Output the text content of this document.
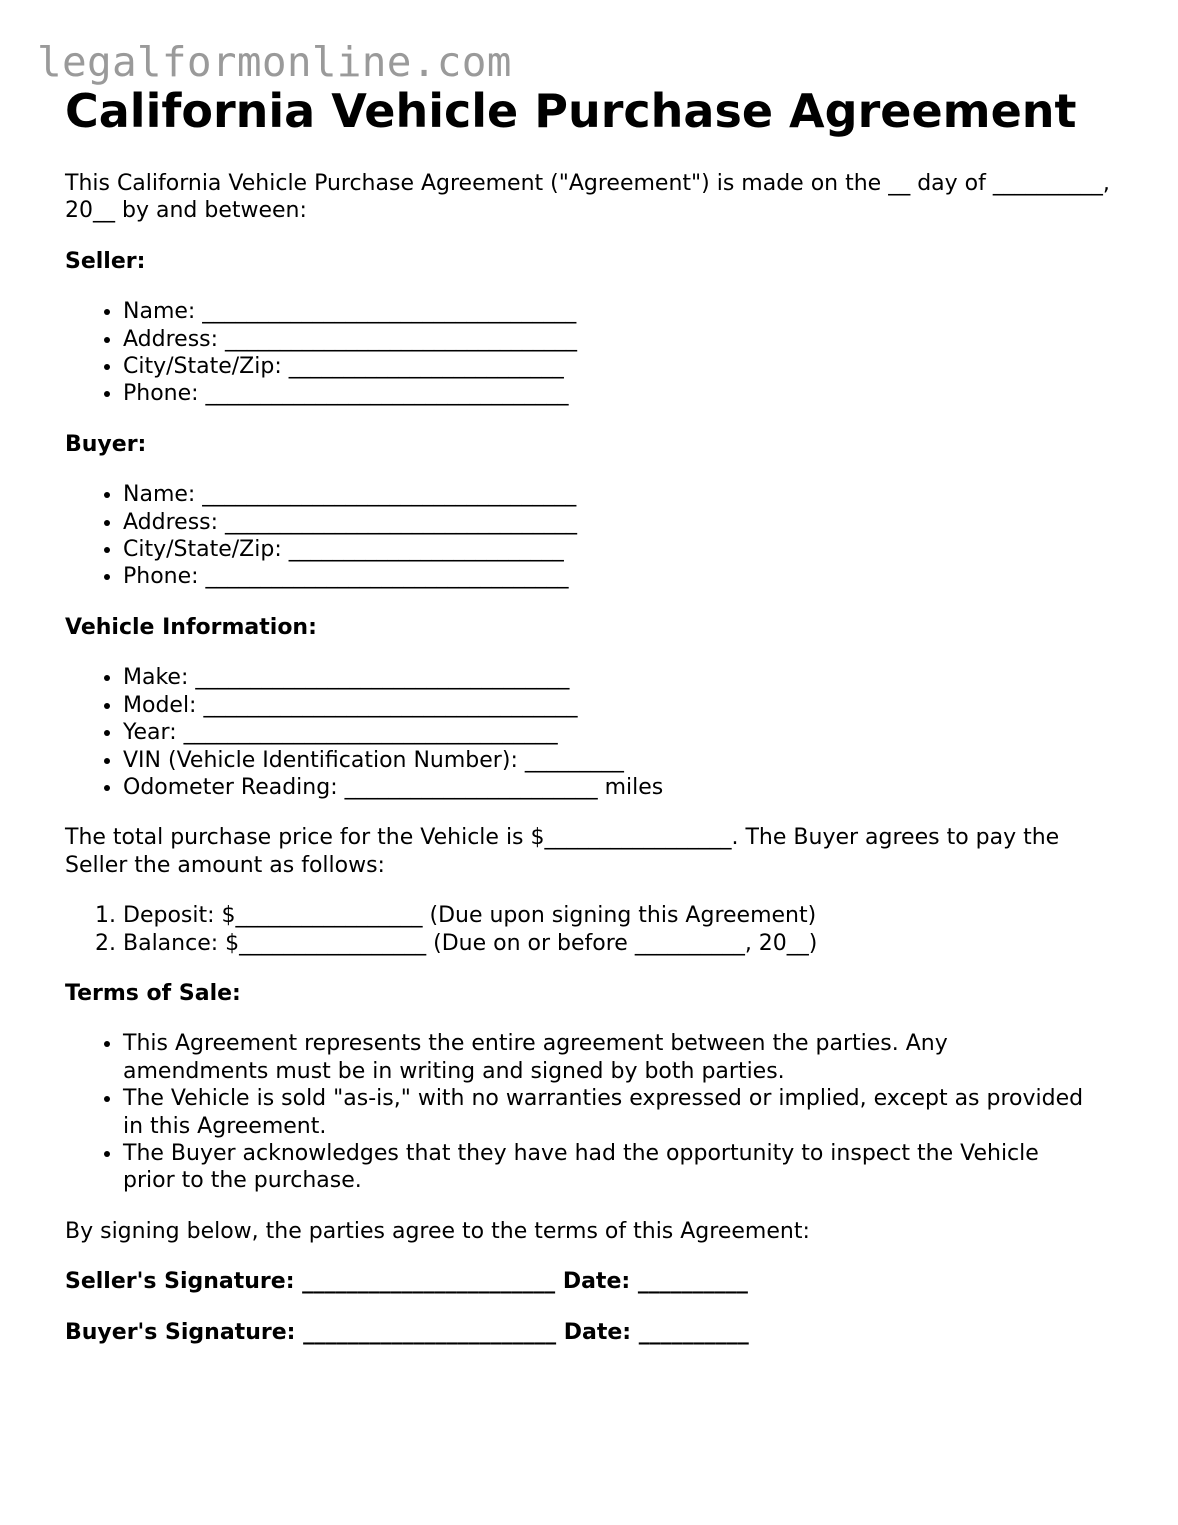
legalformonline.com
California Vehicle Purchase Agreement

This California Vehicle Purchase Agreement ("Agreement") is made on the __ day of __________, 20__ by and between:

Seller:
• Name: __________________________________
• Address: ________________________________
• City/State/Zip: _________________________
• Phone: _________________________________
Buyer:
• Name: __________________________________
• Address: ________________________________
• City/State/Zip: _________________________
• Phone: _________________________________
Vehicle Information:
• Make: __________________________________
• Model: __________________________________
• Year: __________________________________
• VIN (Vehicle Identification Number): _________
• Odometer Reading: _______________________ miles

The total purchase price for the Vehicle is $_________________. The Buyer agrees to pay the Seller the amount as follows:

1. Deposit: $_________________ (Due upon signing this Agreement)
2. Balance: $_________________ (Due on or before __________, 20__)
Terms of Sale:
• This Agreement represents the entire agreement between the parties. Any amendments must be in writing and signed by both parties.
• The Vehicle is sold "as-is," with no warranties expressed or implied, except as provided in this Agreement.
• The Buyer acknowledges that they have had the opportunity to inspect the Vehicle prior to the purchase.

By signing below, the parties agree to the terms of this Agreement:

Seller's Signature: _______________________ Date: __________

Buyer's Signature: _______________________ Date: __________
